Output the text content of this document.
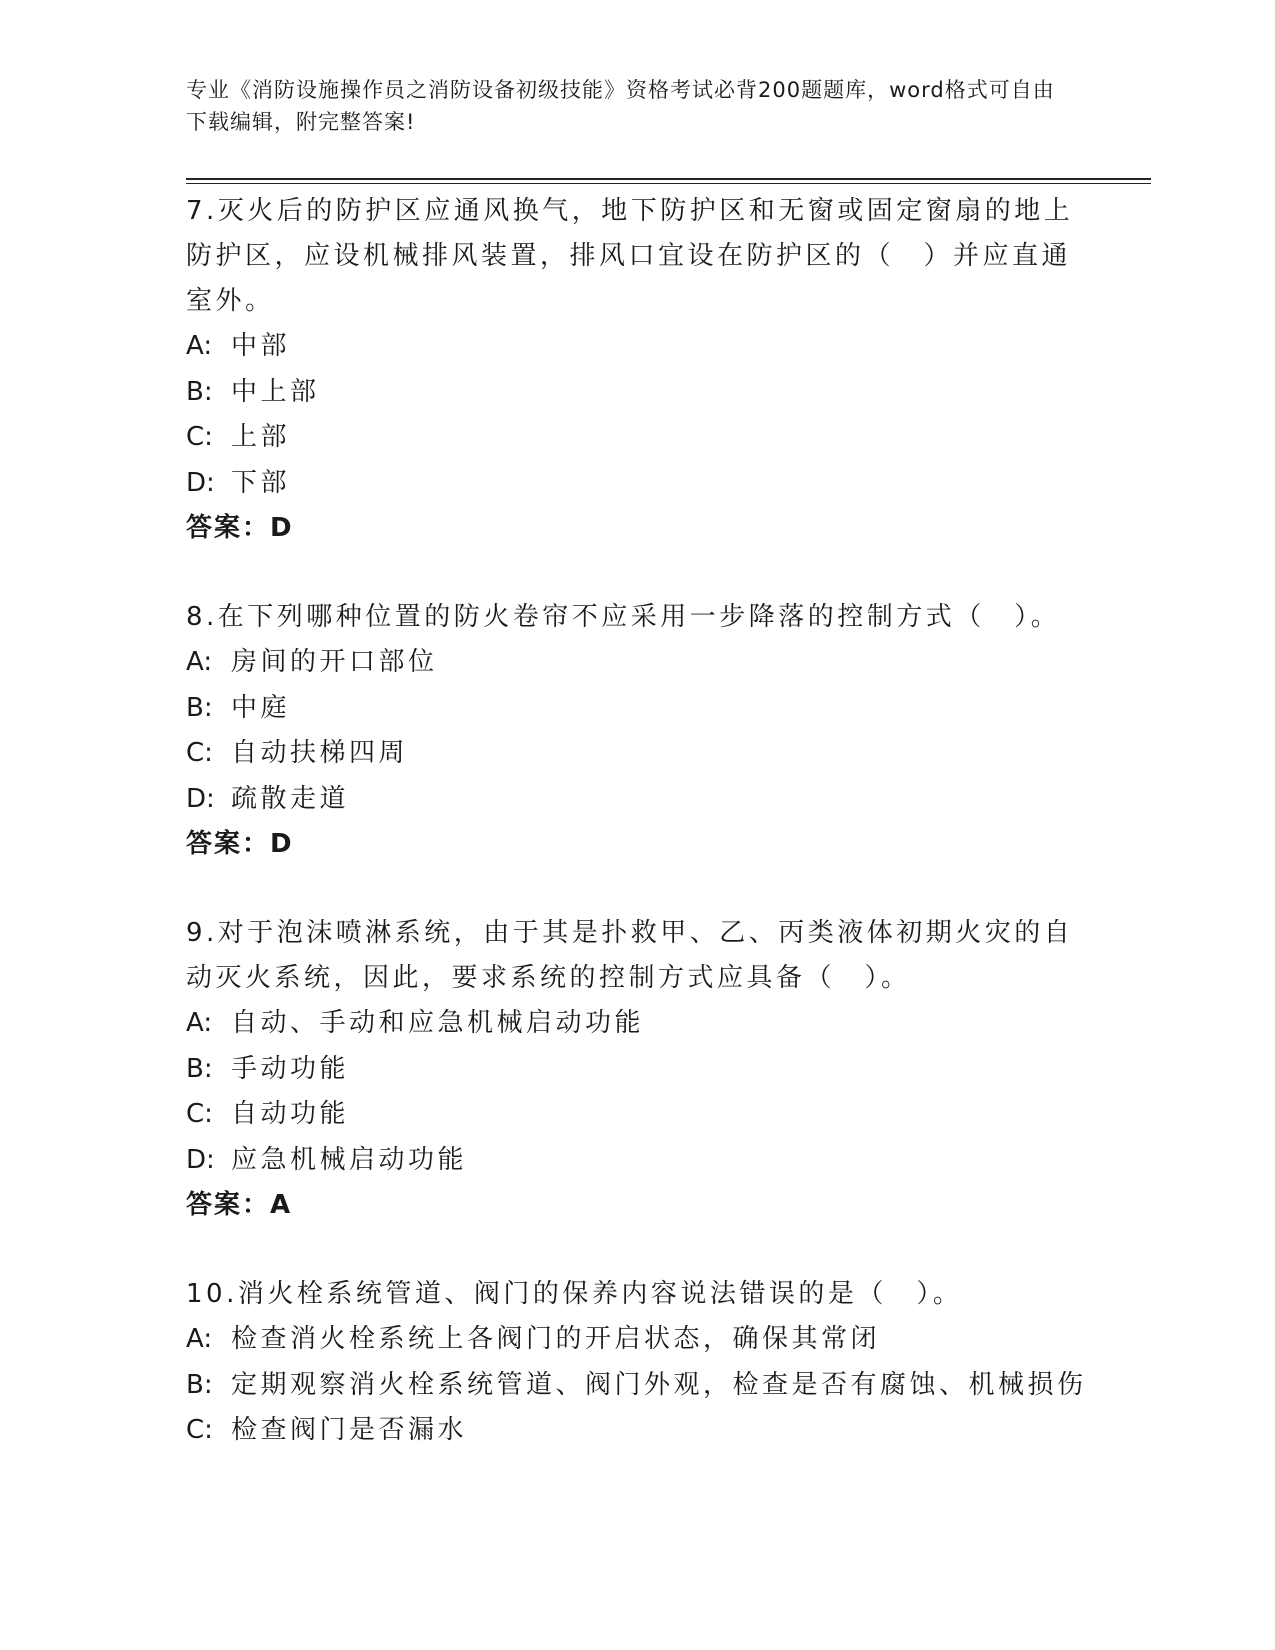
专业《消防设施操作员之消防设备初级技能》资格考试必背200题题库，word格式可自由下载编辑，附完整答案!

7.灭火后的防护区应通风换气，地下防护区和无窗或固定窗扇的地上防护区，应设机械排风装置，排风口宜设在防护区的（　）并应直通室外。

A: 中部
B: 中上部
C: 上部
D: 下部
答案：D

8.在下列哪种位置的防火卷帘不应采用一步降落的控制方式（　）。

A: 房间的开口部位
B: 中庭
C: 自动扶梯四周
D: 疏散走道
答案：D

9.对于泡沫喷淋系统，由于其是扑救甲、乙、丙类液体初期火灾的自动灭火系统，因此，要求系统的控制方式应具备（　）。

A: 自动、手动和应急机械启动功能
B: 手动功能
C: 自动功能
D: 应急机械启动功能
答案：A

10.消火栓系统管道、阀门的保养内容说法错误的是（　）。

A: 检查消火栓系统上各阀门的开启状态，确保其常闭
B: 定期观察消火栓系统管道、阀门外观，检查是否有腐蚀、机械损伤
C: 检查阀门是否漏水
